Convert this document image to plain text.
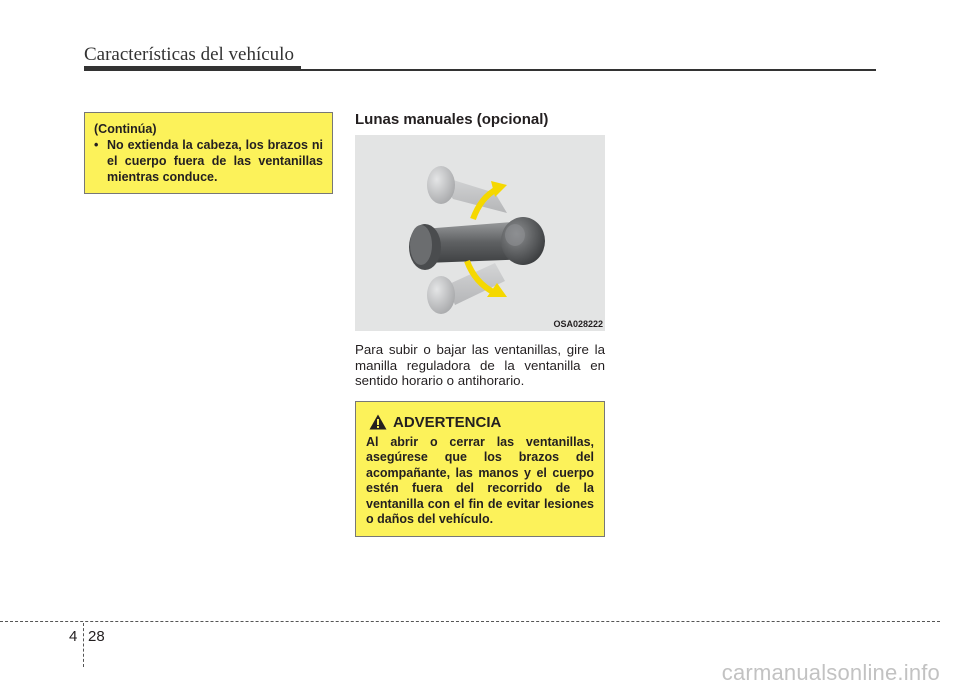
Características del vehículo
(Continúa)
• No extienda la cabeza, los brazos ni el cuerpo fuera de las ventanillas mientras conduce.
Lunas manuales (opcional)
OSA028222
Para subir o bajar las ventanillas, gire la manilla reguladora de la ventanilla en sentido horario o antihorario.
ADVERTENCIA
Al abrir o cerrar las ventanillas, asegúrese que los brazos del acompañante, las manos y el cuerpo estén fuera del recorrido de la ventanilla con el fin de evitar lesiones o daños del vehículo.
4 28
carmanualsonline.info
